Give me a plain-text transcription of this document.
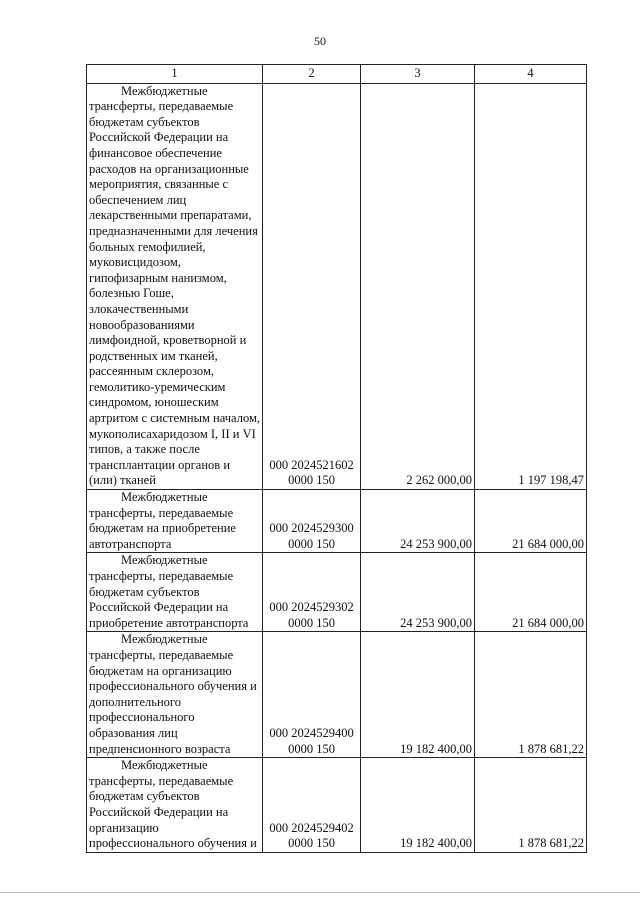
50
1	2	3	4

Межбюджетные трансферты, передаваемые бюджетам субъектов Российской Федерации на финансовое обеспечение расходов на организационные мероприятия, связанные с обеспечением лиц лекарственными препаратами, предназначенными для лечения больных гемофилией, муковисцидозом, гипофизарным нанизмом, болезнью Гоше, злокачественными новообразованиями лимфоидной, кроветворной и родственных им тканей, рассеянным склерозом, гемолитико-уремическим синдромом, юношеским артритом с системным началом, мукополисахаридозом I, II и VI типов, а также после трансплантации органов и (или) тканей	000 2024521602 0000 150	2 262 000,00	1 197 198,47

Межбюджетные трансферты, передаваемые бюджетам на приобретение автотранспорта	000 2024529300 0000 150	24 253 900,00	21 684 000,00

Межбюджетные трансферты, передаваемые бюджетам субъектов Российской Федерации на приобретение автотранспорта	000 2024529302 0000 150	24 253 900,00	21 684 000,00

Межбюджетные трансферты, передаваемые бюджетам на организацию профессионального обучения и дополнительного профессионального образования лиц предпенсионного возраста	000 2024529400 0000 150	19 182 400,00	1 878 681,22

Межбюджетные трансферты, передаваемые бюджетам субъектов Российской Федерации на организацию профессионального обучения и	000 2024529402 0000 150	19 182 400,00	1 878 681,22
